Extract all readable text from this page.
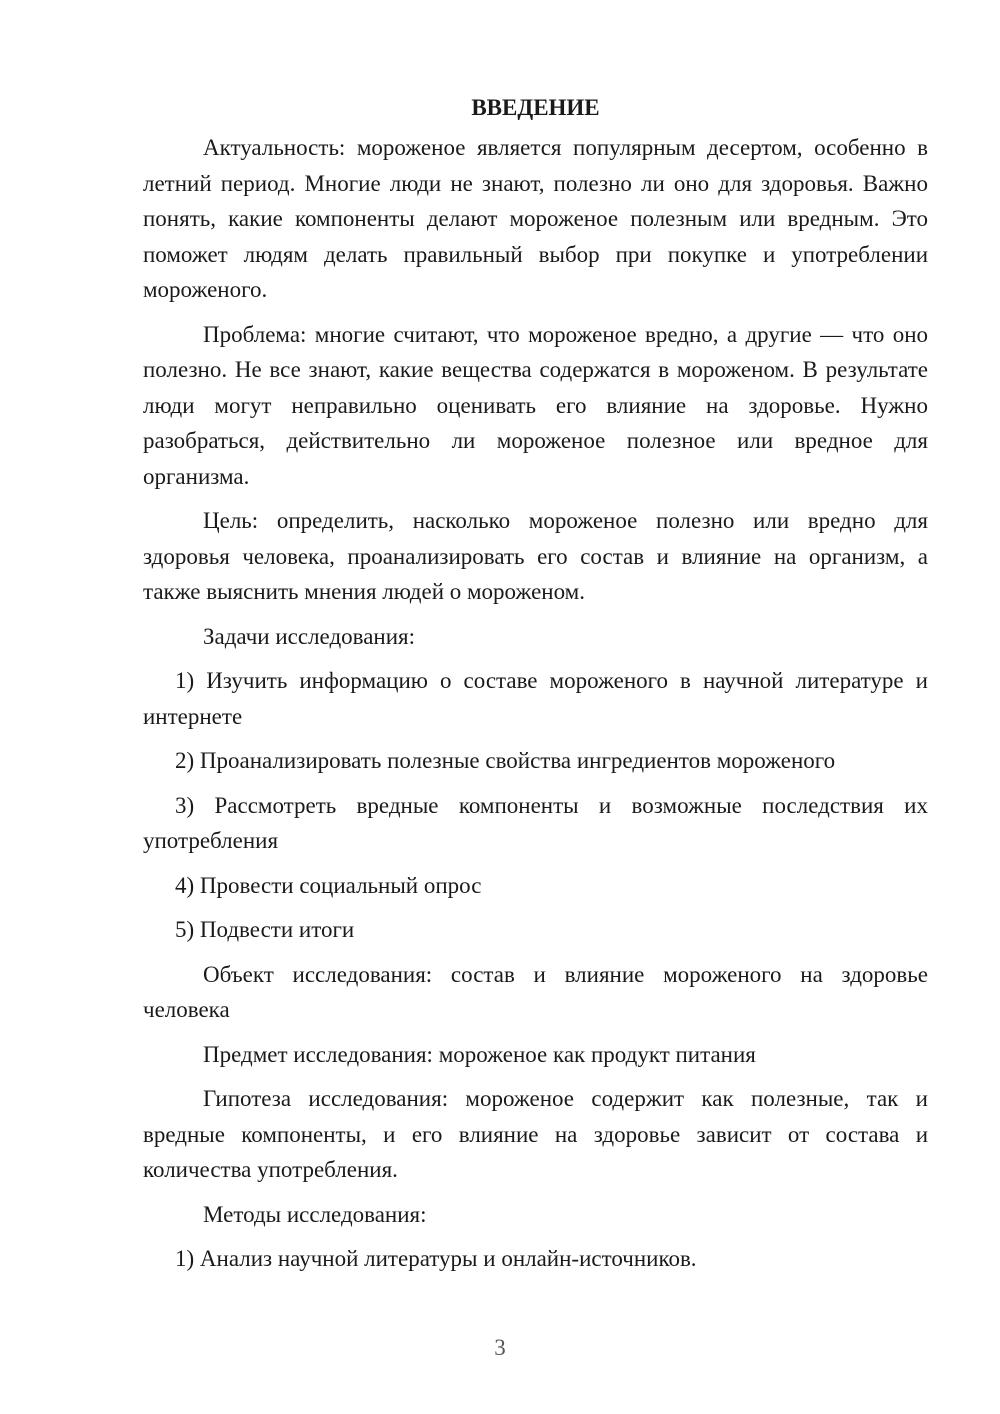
ВВЕДЕНИЕ

Актуальность: мороженое является популярным десертом, особенно в летний период. Многие люди не знают, полезно ли оно для здоровья. Важно понять, какие компоненты делают мороженое полезным или вредным. Это поможет людям делать правильный выбор при покупке и употреблении мороженого.

Проблема: многие считают, что мороженое вредно, а другие — что оно полезно. Не все знают, какие вещества содержатся в мороженом. В результате люди могут неправильно оценивать его влияние на здоровье. Нужно разобраться, действительно ли мороженое полезное или вредное для организма.

Цель: определить, насколько мороженое полезно или вредно для здоровья человека, проанализировать его состав и влияние на организм, а также выяснить мнения людей о мороженом.

Задачи исследования:

1) Изучить информацию о составе мороженого в научной литературе и интернете

2) Проанализировать полезные свойства ингредиентов мороженого

3) Рассмотреть вредные компоненты и возможные последствия их употребления

4) Провести социальный опрос

5) Подвести итоги

Объект исследования: состав и влияние мороженого на здоровье человека

Предмет исследования: мороженое как продукт питания

Гипотеза исследования: мороженое содержит как полезные, так и вредные компоненты, и его влияние на здоровье зависит от состава и количества употребления.

Методы исследования:

1) Анализ научной литературы и онлайн-источников.

3
